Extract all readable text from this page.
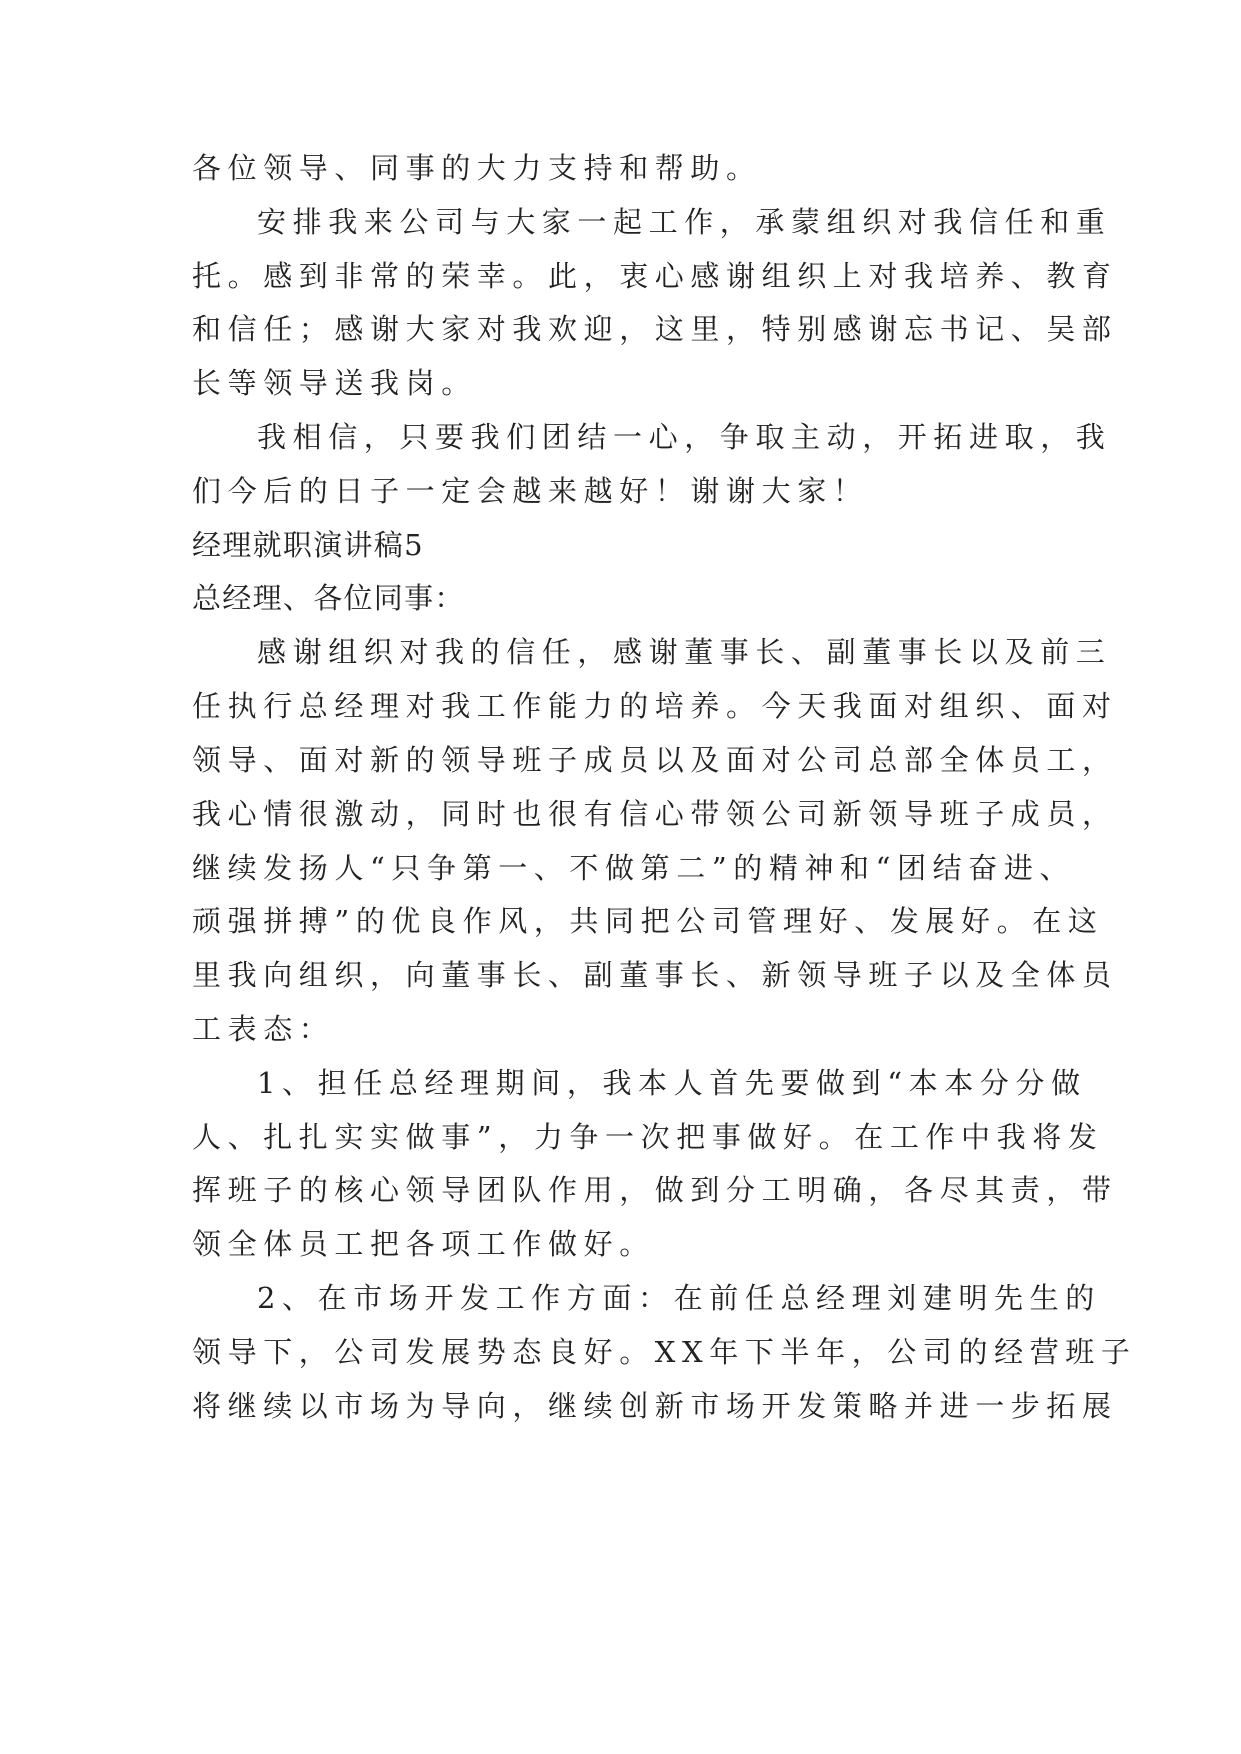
各位领导、同事的大力支持和帮助。

安排我来公司与大家一起工作，承蒙组织对我信任和重

托。感到非常的荣幸。此，衷心感谢组织上对我培养、教育

和信任；感谢大家对我欢迎，这里，特别感谢忘书记、吴部

长等领导送我岗。

我相信，只要我们团结一心，争取主动，开拓进取，我

们今后的日子一定会越来越好！谢谢大家！

经理就职演讲稿5

总经理、各位同事：

感谢组织对我的信任，感谢董事长、副董事长以及前三

任执行总经理对我工作能力的培养。今天我面对组织、面对

领导、面对新的领导班子成员以及面对公司总部全体员工，

我心情很激动，同时也很有信心带领公司新领导班子成员，

继续发扬人“只争第一、不做第二”的精神和“团结奋进、

顽强拼搏”的优良作风，共同把公司管理好、发展好。在这

里我向组织，向董事长、副董事长、新领导班子以及全体员

工表态：

1、担任总经理期间，我本人首先要做到“本本分分做

人、扎扎实实做事”，力争一次把事做好。在工作中我将发

挥班子的核心领导团队作用，做到分工明确，各尽其责，带

领全体员工把各项工作做好。

2、在市场开发工作方面：在前任总经理刘建明先生的

领导下，公司发展势态良好。XX年下半年，公司的经营班子

将继续以市场为导向，继续创新市场开发策略并进一步拓展
